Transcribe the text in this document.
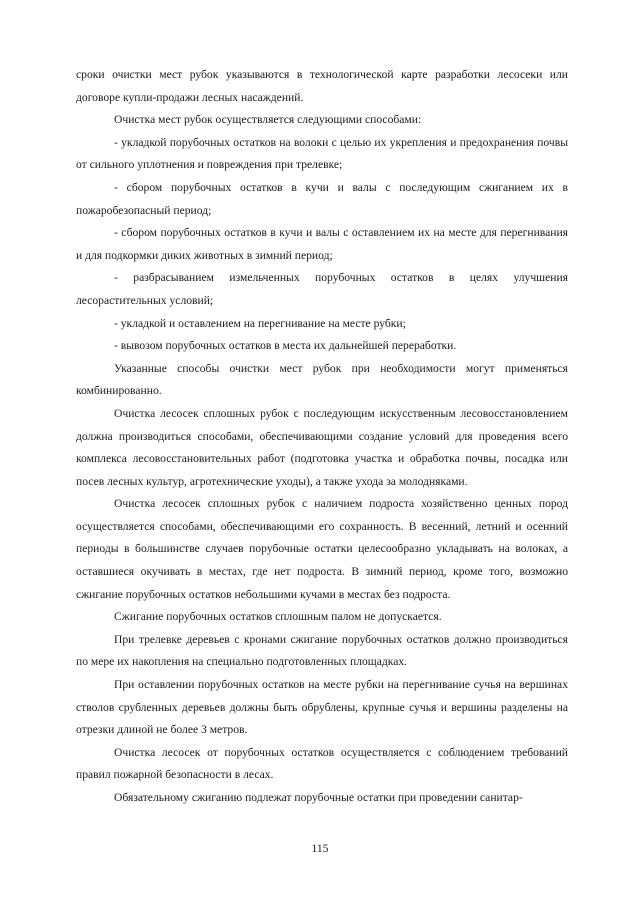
сроки очистки мест рубок указываются в технологической карте разработки лесосеки или договоре купли-продажи лесных насаждений.

Очистка мест рубок осуществляется следующими способами:

- укладкой порубочных остатков на волоки с целью их укрепления и предохранения почвы от сильного уплотнения и повреждения при трелевке;

- сбором порубочных остатков в кучи и валы с последующим сжиганием их в пожаробезопасный период;

- сбором порубочных остатков в кучи и валы с оставлением их на месте для перегнивания и для подкормки диких животных в зимний период;

- разбрасыванием измельченных порубочных остатков в целях улучшения лесорастительных условий;

- укладкой и оставлением на перегнивание на месте рубки;

- вывозом порубочных остатков в места их дальнейшей переработки.

Указанные способы очистки мест рубок при необходимости могут применяться комбинированно.

Очистка лесосек сплошных рубок с последующим искусственным лесовосстановлением должна производиться способами, обеспечивающими создание условий для проведения всего комплекса лесовосстановительных работ (подготовка участка и обработка почвы, посадка или посев лесных культур, агротехнические уходы), а также ухода за молодняками.

Очистка лесосек сплошных рубок с наличием подроста хозяйственно ценных пород осуществляется способами, обеспечивающими его сохранность. В весенний, летний и осенний периоды в большинстве случаев порубочные остатки целесообразно укладывать на волоках, а оставшиеся окучивать в местах, где нет подроста. В зимний период, кроме того, возможно сжигание порубочных остатков небольшими кучами в местах без подроста.

Сжигание порубочных остатков сплошным палом не допускается.

При трелевке деревьев с кронами сжигание порубочных остатков должно производиться по мере их накопления на специально подготовленных площадках.

При оставлении порубочных остатков на месте рубки на перегнивание сучья на вершинах стволов срубленных деревьев должны быть обрублены, крупные сучья и вершины разделены на отрезки длиной не более 3 метров.

Очистка лесосек от порубочных остатков осуществляется с соблюдением требований правил пожарной безопасности в лесах.

Обязательному сжиганию подлежат порубочные остатки при проведении санитар-

115
